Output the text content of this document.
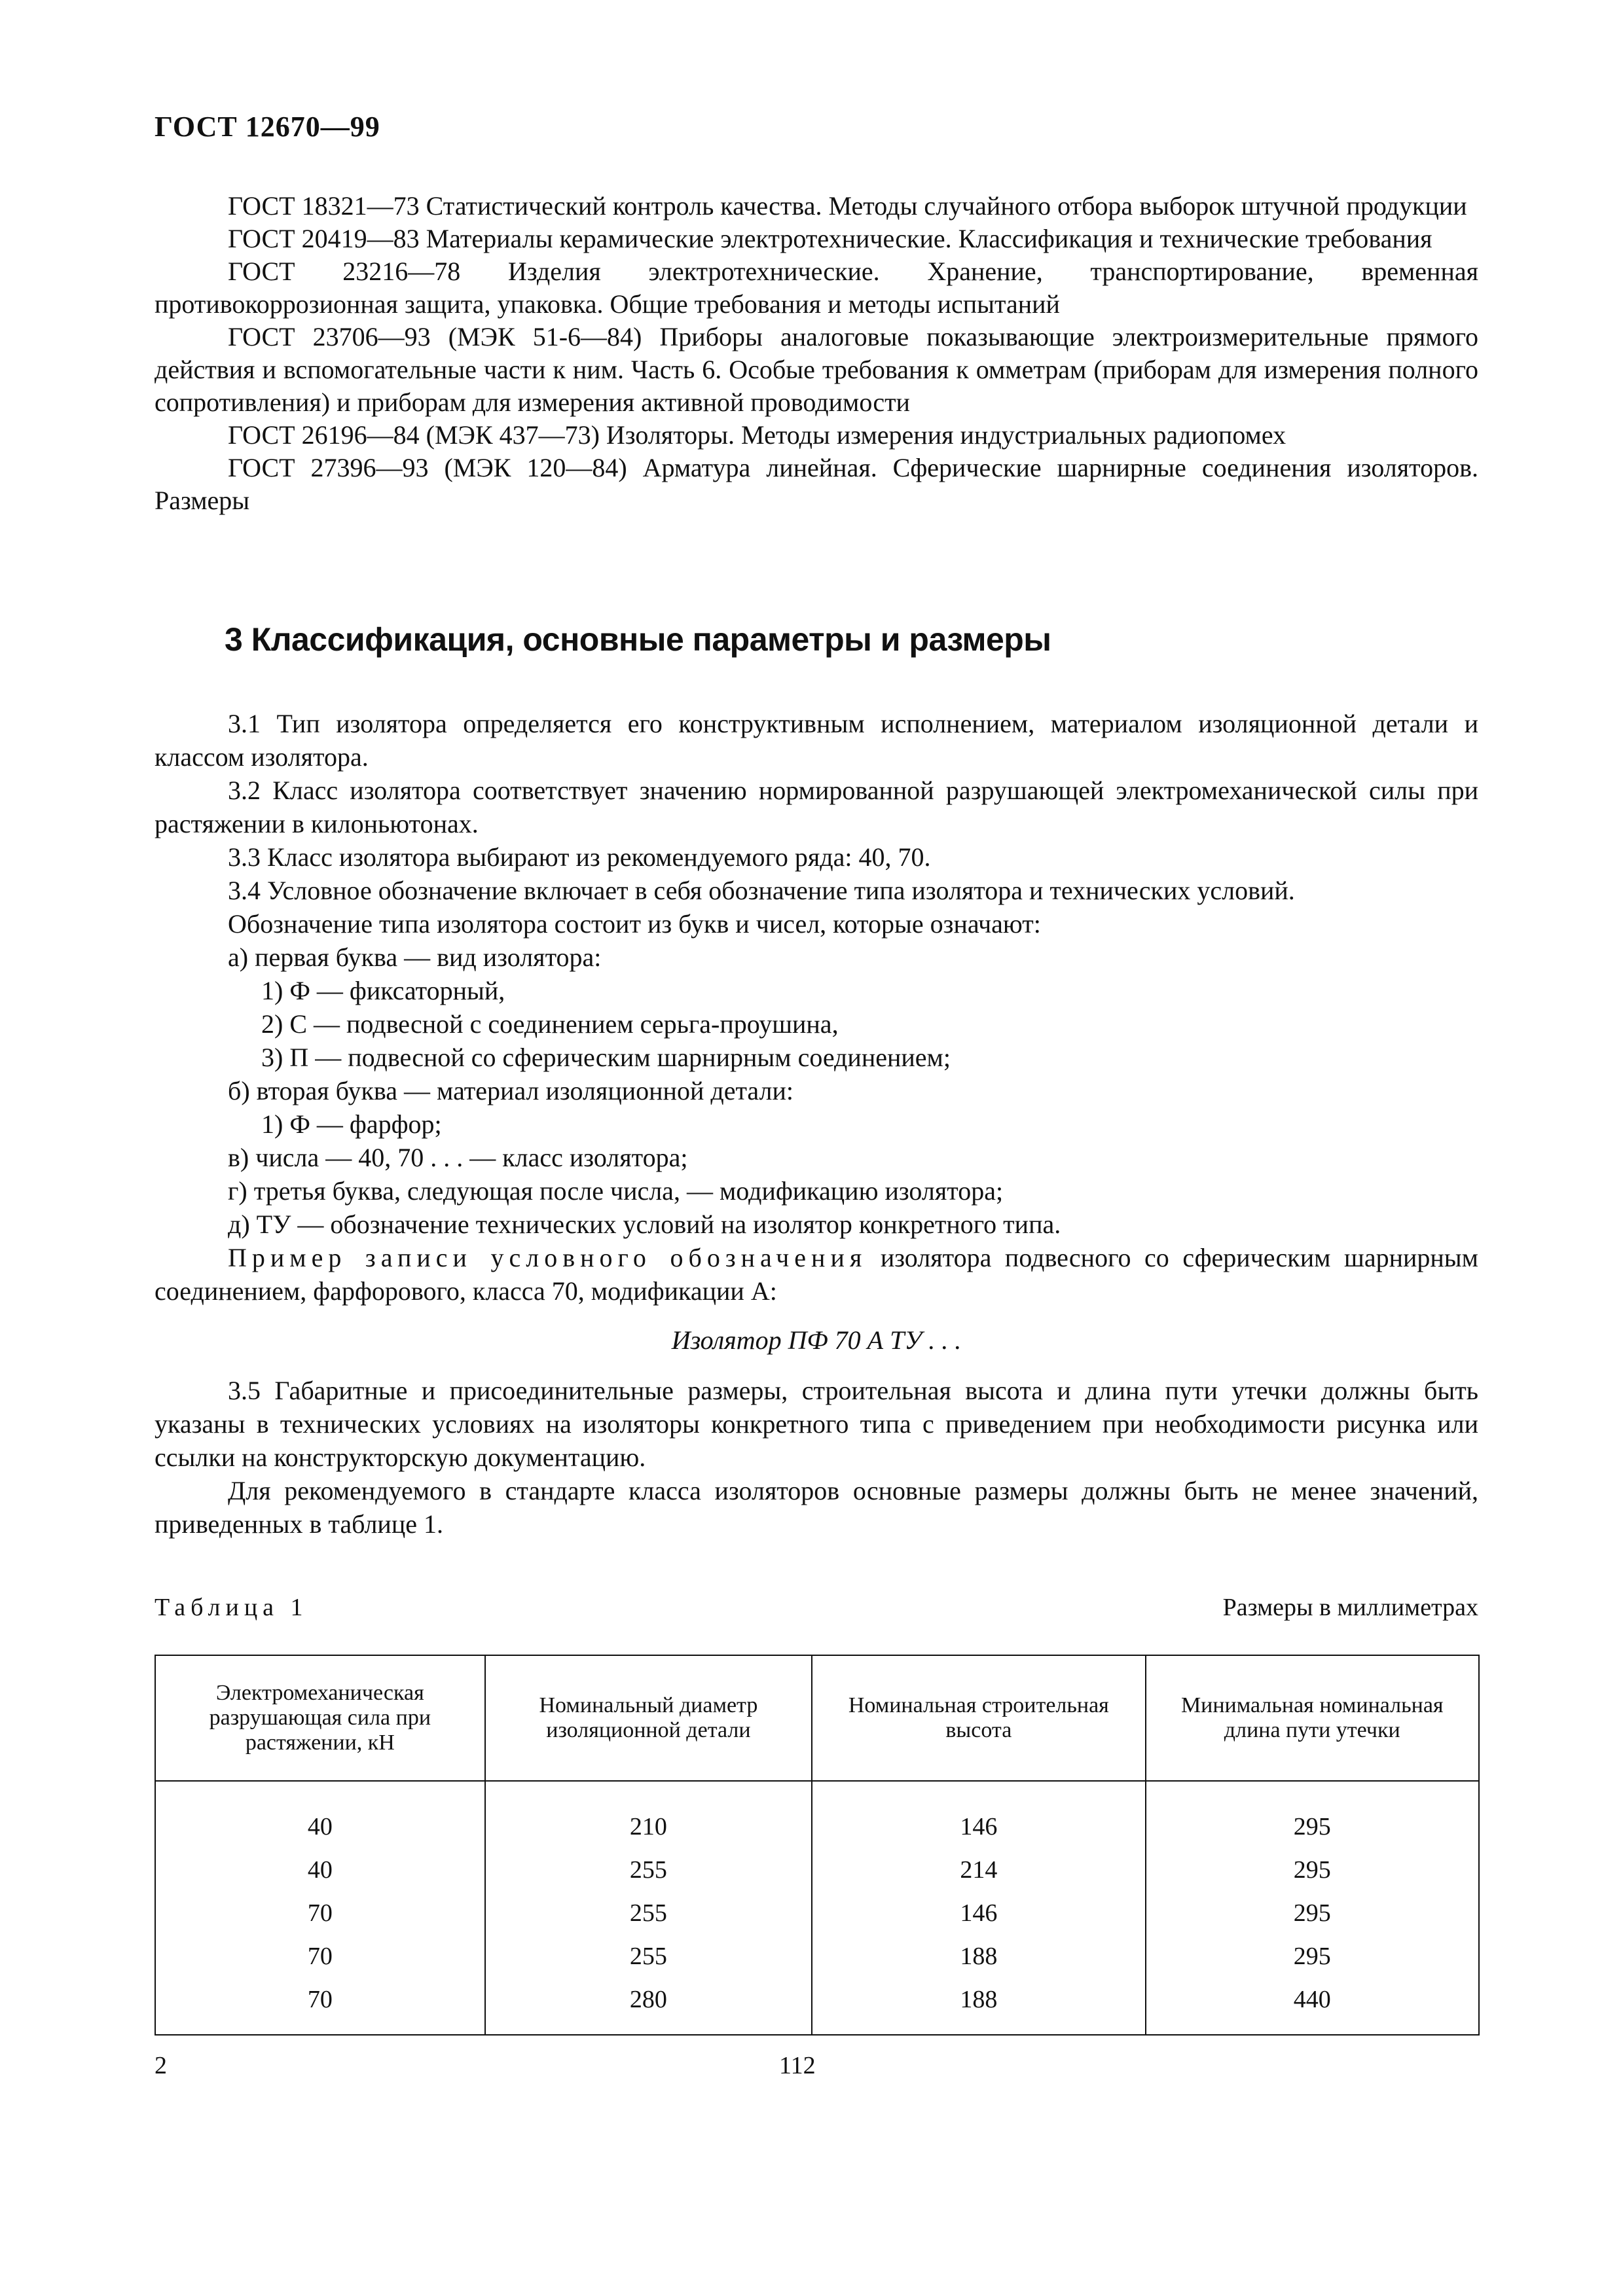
ГОСТ 12670—99

ГОСТ 18321—73 Статистический контроль качества. Методы случайного отбора выборок штучной продукции

ГОСТ 20419—83 Материалы керамические электротехнические. Классификация и технические требования

ГОСТ 23216—78 Изделия электротехнические. Хранение, транспортирование, временная противокоррозионная защита, упаковка. Общие требования и методы испытаний

ГОСТ 23706—93 (МЭК 51-6—84) Приборы аналоговые показывающие электроизмерительные прямого действия и вспомогательные части к ним. Часть 6. Особые требования к омметрам (приборам для измерения полного сопротивления) и приборам для измерения активной проводимости

ГОСТ 26196—84 (МЭК 437—73) Изоляторы. Методы измерения индустриальных радиопомех

ГОСТ 27396—93 (МЭК 120—84) Арматура линейная. Сферические шарнирные соединения изоляторов. Размеры

3 Классификация, основные параметры и размеры

3.1 Тип изолятора определяется его конструктивным исполнением, материалом изоляционной детали и классом изолятора.

3.2 Класс изолятора соответствует значению нормированной разрушающей электромеханической силы при растяжении в килоньютонах.

3.3 Класс изолятора выбирают из рекомендуемого ряда: 40, 70.

3.4 Условное обозначение включает в себя обозначение типа изолятора и технических условий.

Обозначение типа изолятора состоит из букв и чисел, которые означают:

а) первая буква — вид изолятора:

1) Ф — фиксаторный,

2) С — подвесной с соединением серьга-проушина,

3) П — подвесной со сферическим шарнирным соединением;

б) вторая буква — материал изоляционной детали:

1) Ф — фарфор;

в) числа — 40, 70 . . . — класс изолятора;

г) третья буква, следующая после числа, — модификацию изолятора;

д) ТУ — обозначение технических условий на изолятор конкретного типа.

Пример записи условного обозначения изолятора подвесного со сферическим шарнирным соединением, фарфорового, класса 70, модификации А:

Изолятор ПФ 70 А ТУ . . .

3.5 Габаритные и присоединительные размеры, строительная высота и длина пути утечки должны быть указаны в технических условиях на изоляторы конкретного типа с приведением при необходимости рисунка или ссылки на конструкторскую документацию.

Для рекомендуемого в стандарте класса изоляторов основные размеры должны быть не менее значений, приведенных в таблице 1.

Таблица 1	Размеры в миллиметрах
Электромеханическая разрушающая сила при растяжении, кН	Номинальный диаметр изоляционной детали	Номинальная строительная высота	Минимальная номинальная длина пути утечки
40	210	146	295
40	255	214	295
70	255	146	295
70	255	188	295
70	280	188	440
2	112
